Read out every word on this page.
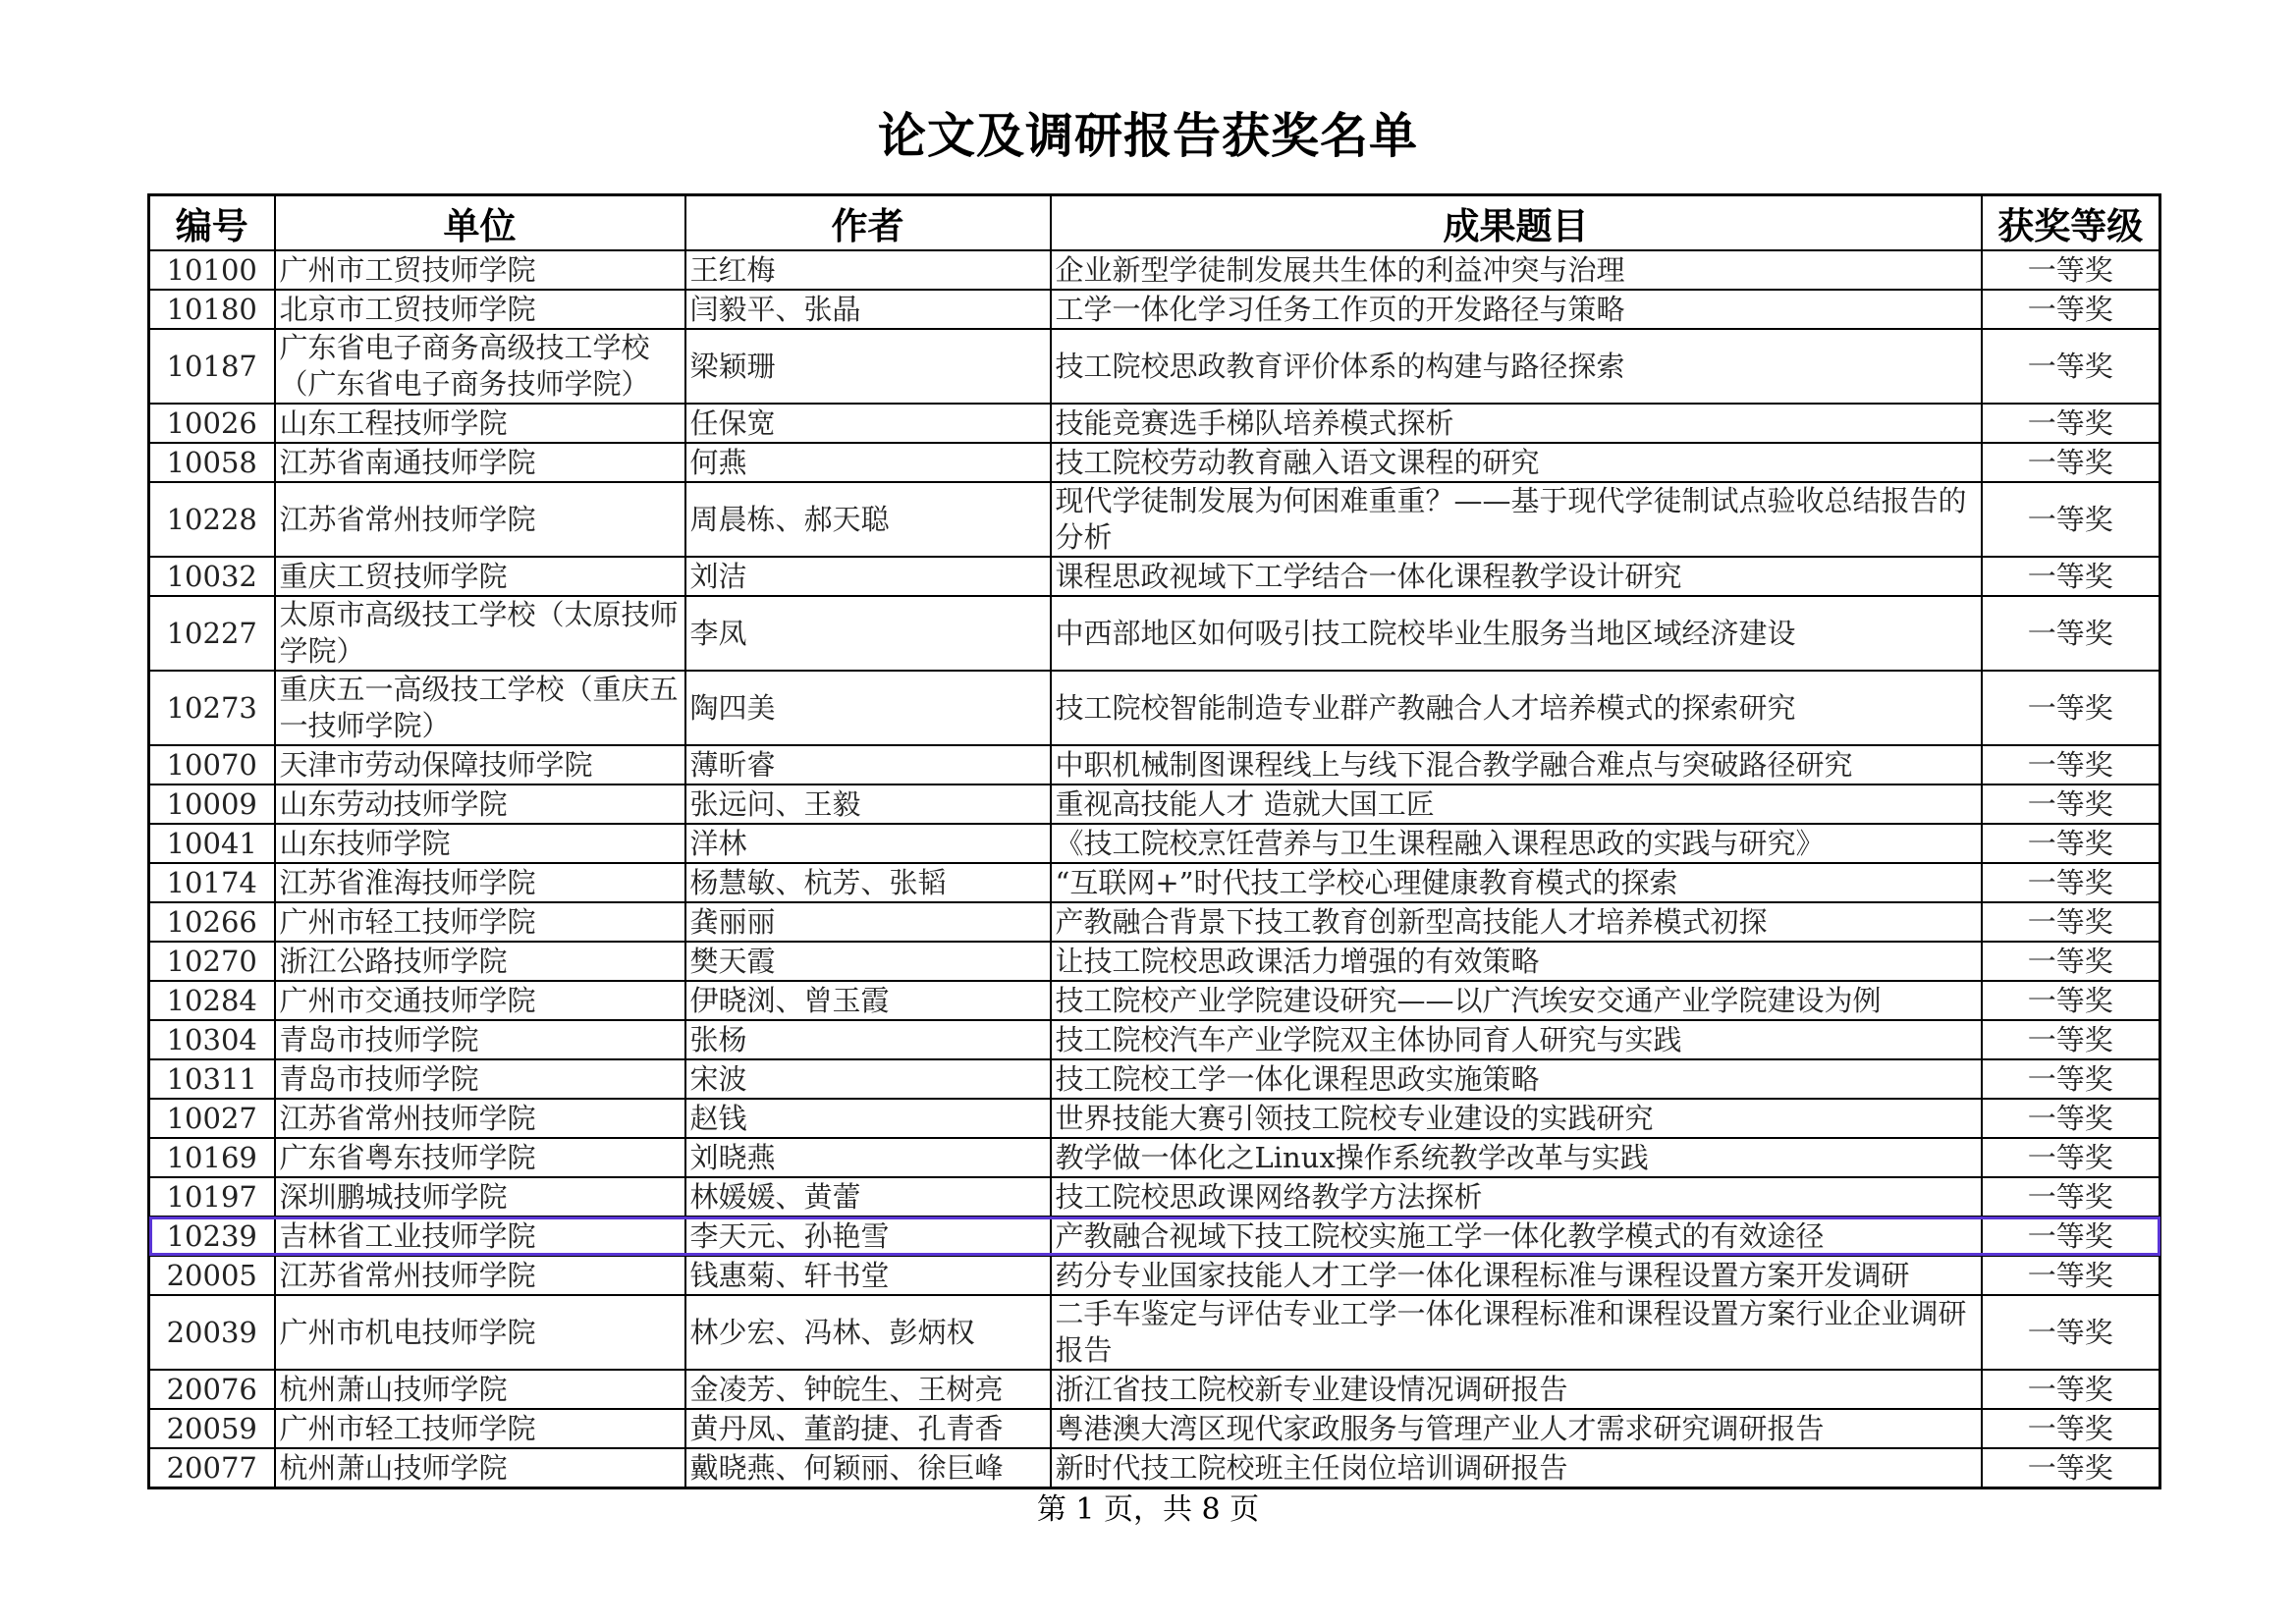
论文及调研报告获奖名单
编号	单位	作者	成果题目	获奖等级
10100	广州市工贸技师学院	王红梅	企业新型学徒制发展共生体的利益冲突与治理	一等奖
10180	北京市工贸技师学院	闫毅平、张晶	工学一体化学习任务工作页的开发路径与策略	一等奖
10187	广东省电子商务高级技工学校（广东省电子商务技师学院）	梁颖珊	技工院校思政教育评价体系的构建与路径探索	一等奖
10026	山东工程技师学院	任保宽	技能竞赛选手梯队培养模式探析	一等奖
10058	江苏省南通技师学院	何燕	技工院校劳动教育融入语文课程的研究	一等奖
10228	江苏省常州技师学院	周晨栋、郝天聪	现代学徒制发展为何困难重重？——基于现代学徒制试点验收总结报告的分析	一等奖
10032	重庆工贸技师学院	刘洁	课程思政视域下工学结合一体化课程教学设计研究	一等奖
10227	太原市高级技工学校（太原技师学院）	李凤	中西部地区如何吸引技工院校毕业生服务当地区域经济建设	一等奖
10273	重庆五一高级技工学校（重庆五一技师学院）	陶四美	技工院校智能制造专业群产教融合人才培养模式的探索研究	一等奖
10070	天津市劳动保障技师学院	薄昕睿	中职机械制图课程线上与线下混合教学融合难点与突破路径研究	一等奖
10009	山东劳动技师学院	张远问、王毅	重视高技能人才 造就大国工匠	一等奖
10041	山东技师学院	洋林	《技工院校烹饪营养与卫生课程融入课程思政的实践与研究》	一等奖
10174	江苏省淮海技师学院	杨慧敏、杭芳、张韬	“互联网+”时代技工学校心理健康教育模式的探索	一等奖
10266	广州市轻工技师学院	龚丽丽	产教融合背景下技工教育创新型高技能人才培养模式初探	一等奖
10270	浙江公路技师学院	樊天霞	让技工院校思政课活力增强的有效策略	一等奖
10284	广州市交通技师学院	伊晓浏、曾玉霞	技工院校产业学院建设研究——以广汽埃安交通产业学院建设为例	一等奖
10304	青岛市技师学院	张杨	技工院校汽车产业学院双主体协同育人研究与实践	一等奖
10311	青岛市技师学院	宋波	技工院校工学一体化课程思政实施策略	一等奖
10027	江苏省常州技师学院	赵钱	世界技能大赛引领技工院校专业建设的实践研究	一等奖
10169	广东省粤东技师学院	刘晓燕	教学做一体化之Linux操作系统教学改革与实践	一等奖
10197	深圳鹏城技师学院	林媛媛、黄蕾	技工院校思政课网络教学方法探析	一等奖
10239	吉林省工业技师学院	李天元、孙艳雪	产教融合视域下技工院校实施工学一体化教学模式的有效途径	一等奖
20005	江苏省常州技师学院	钱惠菊、轩书堂	药分专业国家技能人才工学一体化课程标准与课程设置方案开发调研	一等奖
20039	广州市机电技师学院	林少宏、冯林、彭炳权	二手车鉴定与评估专业工学一体化课程标准和课程设置方案行业企业调研报告	一等奖
20076	杭州萧山技师学院	金凌芳、钟皖生、王树亮	浙江省技工院校新专业建设情况调研报告	一等奖
20059	广州市轻工技师学院	黄丹凤、董韵捷、孔青香	粤港澳大湾区现代家政服务与管理产业人才需求研究调研报告	一等奖
20077	杭州萧山技师学院	戴晓燕、何颖丽、徐巨峰	新时代技工院校班主任岗位培训调研报告	一等奖
第 1 页，共 8 页
